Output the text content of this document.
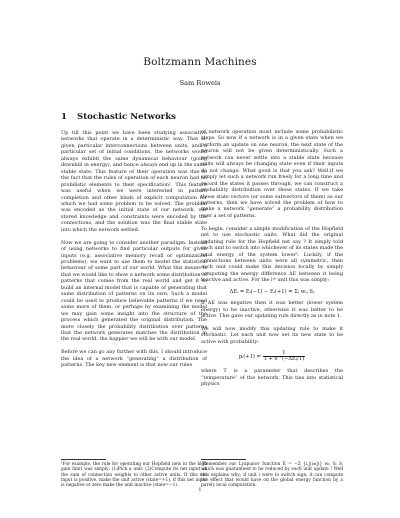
Boltzmann Machines
Sam Roweis
1 Stochastic Networks

Up till this point we have been studying associative networks that operate in a deterministic way. That is, given particular interconnections between units, and a particular set of initial conditions, the networks would always exhibit the same dynamical behaviour (going downhill in energy), and hence always end up in the same stable state. This feature of their operation was due to the fact that the rules of operation of each neuron had no probilistic elements to their specification¹. This feature was useful when we were interested in pattern completion and other kinds of explicit computation for which we had some problem to be solved. The problem was encoded as the initial state of our network, our stored knowledge and constraints were encoded by the connections, and the solution was the final stable state into which the network settled.

Now we are going to consider another paradigm. Instead of using networks to find particular outputs for given inputs (e.g. associative memory recall or optimization problems), we want to use them to model the statistical behaviour of some part of our world. What this means is that we would like to show a network some distribution of patterns that comes from the real world and get it to build an internal model that is capable of generating that same distribution of patterns on its own. Such a model could be used to produce believable patterns if we need some more of them, or perhaps by examining the model we may gain some insight into the structure of the process which generated the original distribution. The more closely the probability distribution over patterns that the network generates matches the distribution in the real world, the happier we will be with our model.

Before we can go any further with this, I should introduce the idea of a network “generating” a distribution of patterns. The key new element is that now our rules

of network operation must include some probabilistic steps. So now if a network is in a given state when we perform an update on one neuron, the next state of the neuron will not be given deterministically. Such a network can never settle into a stable state because units will always be changing state even if their inputs do not change. What good is that you ask? Well,if we simply let such a network run freely for a long time and record the states it passes through, we can construct a probability distribution over those states. If we take those state vectors (or some subvectors of them) as our patterns, then we have solved the problem of how to make a network “generate” a probability distribution over a set of patterns.

To begin, consider a simple modification of the Hopfield net to use stochastic units. What did the original updating rule for the Hopfield net say ? It simply told each unit to switch into whichever of its states made the total energy of the system lower². Luckily, if the connections between units were all symmetric, then each unit could make this decision locally by simply computing the energy difference ΔE between it being inactive and active. For the iᵗʰ unit this was simply:

ΔEᵢ = Eᵢ(−1) − Eᵢ(+1) = Σⱼ wᵢⱼ Sⱼ

If ΔE was negative then it was better (lower system energy) to be inactive, otherwise it was better to be active. This gave our updating rule directly as in note 1.

We will now modify this updating rule to make it stochastic. Let each unit now set its new state to be active with probability:

pᵢ(+1) = $\frac{1}{\text{1 + e\textasciicircum{}(−ΔEᵢ/T)}}$

where T is a parameter that describes the “temperature” of the network. This ties into statistical physics

¹For example, the rule for operating our Hopfield nets in the high gain limit was simply: (1)Pick a unit. (2)Compute its net input as the sum of connection weights to other active units. If this net input is positive, make the unit active (state=+1), if this net input is negative or zero make the unit inactive (state=−1).
²Remember our Lyapunov function E = −Σ_{i,j(i≠j)} wᵢⱼ Sᵢ Sⱼ which was guaranteed to be reduced by each unit update ! Well this explains why; if unit i were to switch sign, it can compute the effect that would have on the global energy function by a purely local computation.
1
